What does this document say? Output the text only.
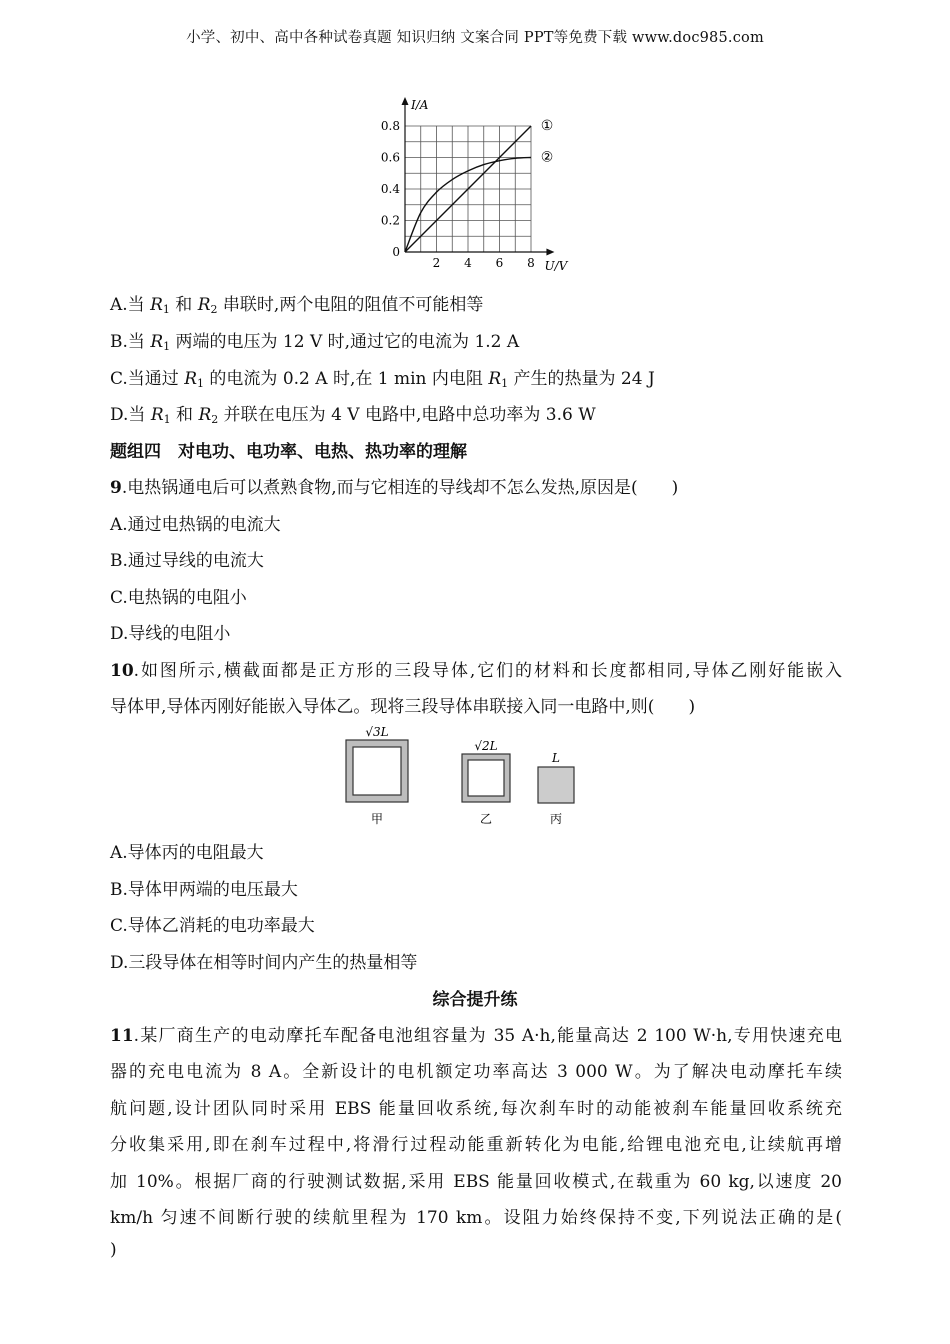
小学、初中、高中各种试卷真题 知识归纳 文案合同 PPT等免费下载 www.doc985.com
2 4 6 8
0.2
0.4
0.6
0.8
0
U/V
I/A
①
②
A.当 $R_1$ 和 $R_2$ 串联时,两个电阻的阻值不可能相等
B.当 $R_1$ 两端的电压为 12 V 时,通过它的电流为 1.2 A
C.当通过 $R_1$ 的电流为 0.2 A 时,在 1 min 内电阻 $R_1$ 产生的热量为 24 J
D.当 $R_1$ 和 $R_2$ 并联在电压为 4 V 电路中,电路中总功率为 3.6 W
题组四　对电功、电功率、电热、热功率的理解
9.电热锅通电后可以煮熟食物,而与它相连的导线却不怎么发热,原因是(　　)
A.通过电热锅的电流大
B.通过导线的电流大
C.电热锅的电阻小
D.导线的电阻小
10.如图所示,横截面都是正方形的三段导体,它们的材料和长度都相同,导体乙刚好能嵌入
导体甲,导体丙刚好能嵌入导体乙。现将三段导体串联接入同一电路中,则(　　)
√3L
甲
√2L
乙
L
丙
A.导体丙的电阻最大
B.导体甲两端的电压最大
C.导体乙消耗的电功率最大
D.三段导体在相等时间内产生的热量相等
综合提升练
11.某厂商生产的电动摩托车配备电池组容量为 35 A·h,能量高达 2 100 W·h,专用快速充电
器的充电电流为 8 A。全新设计的电机额定功率高达 3 000 W。为了解决电动摩托车续
航问题,设计团队同时采用 EBS 能量回收系统,每次刹车时的动能被刹车能量回收系统充
分收集采用,即在刹车过程中,将滑行过程动能重新转化为电能,给锂电池充电,让续航再增
加 10%。根据厂商的行驶测试数据,采用 EBS 能量回收模式,在载重为 60 kg,以速度 20
km/h 匀速不间断行驶的续航里程为 170 km。设阻力始终保持不变,下列说法正确的是(
)
